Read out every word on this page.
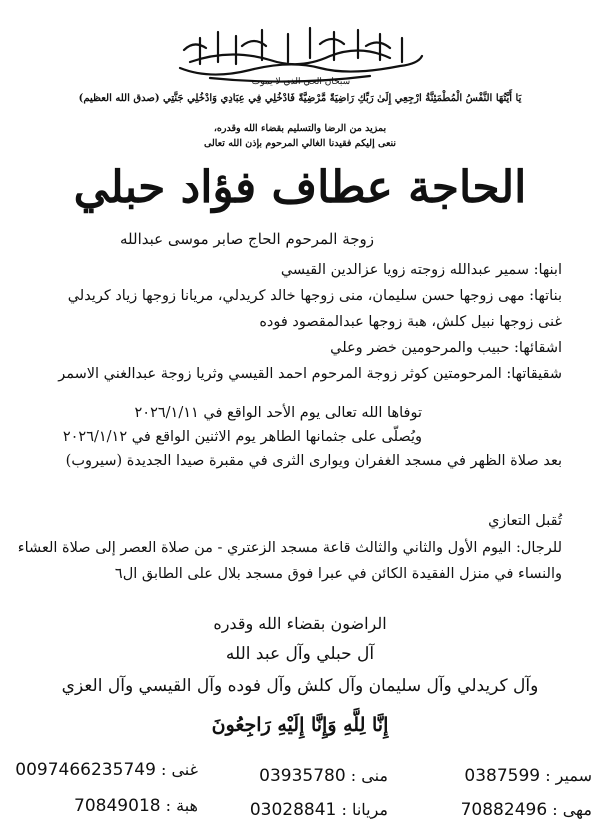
سبحان الحي الذي لا يموت
يَا أَيَّتُهَا النَّفْسُ الْمُطْمَئِنَّةُ ارْجِعِي إِلَىٰ رَبِّكِ رَاضِيَةً مَّرْضِيَّةً فَادْخُلِي فِي عِبَادِي وَادْخُلِي جَنَّتِي (صدق الله العظيم)
بمزيد من الرضا والتسليم بقضاء الله وقدره،
ننعى إليكم فقيدنا الغالي المرحوم بإذن الله تعالى
الحاجة عطاف فؤاد حبلي
زوجة المرحوم الحاج صابر موسى عبدالله
ابنها: سمير عبدالله زوجته زويا عزالدين القيسي
بناتها: مهى زوجها حسن سليمان، منى زوجها خالد كريدلي، مريانا زوجها زياد كريدلي
غنى زوجها نبيل كلش، هبة زوجها عبدالمقصود فوده
اشقائها: حبيب والمرحومين خضر وعلي
شقيقاتها: المرحومتين كوثر زوجة المرحوم احمد القيسي وثريا زوجة عبدالغني الاسمر
توفاها الله تعالى يوم الأحد الواقع في ٢٠٢٦/١/١١
ويُصلّى على جثمانها الطاهر يوم الاثنين الواقع في ٢٠٢٦/١/١٢
بعد صلاة الظهر في مسجد الغفران ويوارى الثرى في مقبرة صيدا الجديدة (سيروب)
تُقبل التعازي
للرجال: اليوم الأول والثاني والثالث قاعة مسجد الزعتري - من صلاة العصر إلى صلاة العشاء
والنساء في منزل الفقيدة الكائن في عبرا فوق مسجد بلال على الطابق ال٦
الراضون بقضاء الله وقدره
آل حبلي وآل عبد الله
وآل كريدلي وآل سليمان وآل كلش وآل فوده وآل القيسي وآل العزي
إِنَّا لِلَّهِ وَإِنَّا إِلَيْهِ رَاجِعُونَ
سمير : 0387599
منى : 03935780
غنى : 0097466235749
مهى : 70882496
مريانا : 03028841
هبة : 70849018
